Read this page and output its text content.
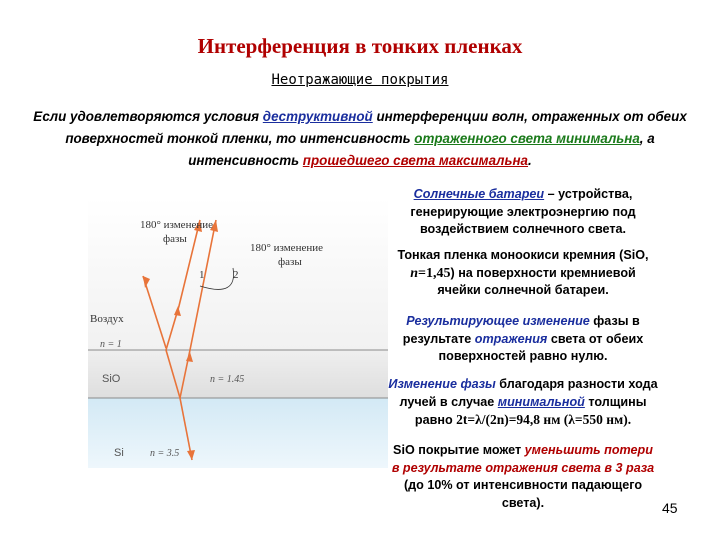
Интерференция в тонких пленках
Неотражающие покрытия
Если удовлетворяются условия деструктивной интерференции волн, отраженных от обеих поверхностей тонкой пленки, то интенсивность отраженного света минимальна, а интенсивность прошедшего света максимальна.
180° изменение
фазы
180° изменение
фазы
1	2
Воздух
n = 1
SiO	n = 1.45
Si	n = 3.5
Солнечные батареи – устройства, генерирующие электроэнергию под воздействием солнечного света.
Тонкая пленка моноокиси кремния (SiO, n=1,45) на поверхности кремниевой ячейки солнечной батареи.
Результирующее изменение фазы в результате отражения света от обеих поверхностей равно нулю.
Изменение фазы благодаря разности хода лучей в случае минимальной толщины равно 2t=λ/(2n)=94,8 нм (λ=550 нм).
SiO покрытие может уменьшить потери в результате отражения света в 3 раза (до 10% от интенсивности падающего света).	45
